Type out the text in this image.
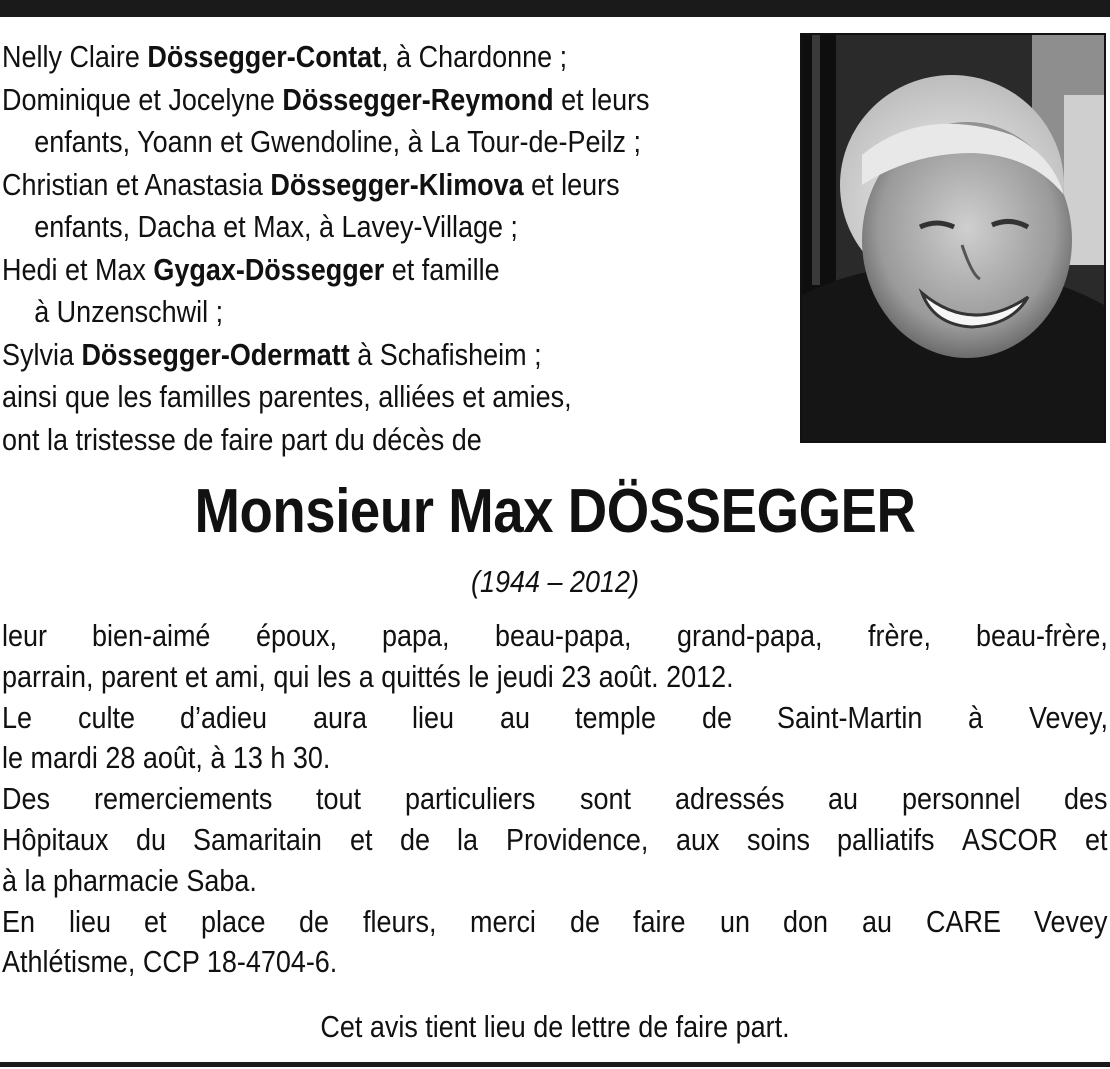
Nelly Claire Dössegger-Contat, à Chardonne ;
Dominique et Jocelyne Dössegger-Reymond et leurs
enfants, Yoann et Gwendoline, à La Tour-de-Peilz ;
Christian et Anastasia Dössegger-Klimova et leurs
enfants, Dacha et Max, à Lavey-Village ;
Hedi et Max Gygax-Dössegger et famille
à Unzenschwil ;
Sylvia Dössegger-Odermatt à Schafisheim ;
ainsi que les familles parentes, alliées et amies,
ont la tristesse de faire part du décès de
Monsieur Max DÖSSEGGER
(1944 – 2012)
leur bien-aimé époux, papa, beau-papa, grand-papa, frère, beau-frère,
parrain, parent et ami, qui les a quittés le jeudi 23 août. 2012.
Le culte d’adieu aura lieu au temple de Saint-Martin à Vevey,
le mardi 28 août, à 13 h 30.
Des remerciements tout particuliers sont adressés au personnel des
Hôpitaux du Samaritain et de la Providence, aux soins palliatifs ASCOR et
à la pharmacie Saba.
En lieu et place de fleurs, merci de faire un don au CARE Vevey
Athlétisme, CCP 18-4704-6.
Cet avis tient lieu de lettre de faire part.
